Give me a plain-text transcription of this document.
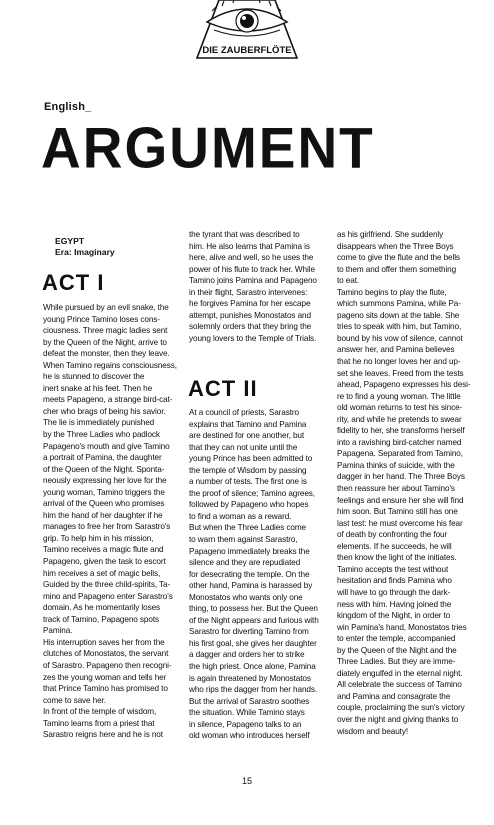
DIE ZAUBERFLÖTE
English_
ARGUMENT
EGYPT
Era: Imaginary
ACT I
While pursued by an evil snake, the
young Prince Tamino loses cons-
ciousness. Three magic ladies sent
by the Queen of the Night, arrive to
defeat the monster, then they leave.
When Tamino regains consciousness,
he is stunned to discover the
inert snake at his feet. Then he
meets Papageno, a strange bird-cat-
cher who brags of being his savior.
The lie is immediately punished
by the Three Ladies who padlock
Papageno's mouth and give Tamino
a portrait of Pamina, the daughter
of the Queen of the Night. Sponta-
neously expressing her love for the
young woman, Tamino triggers the
arrival of the Queen who promises
him the hand of her daughter if he
manages to free her from Sarastro's
grip. To help him in his mission,
Tamino receives a magic flute and
Papageno, given the task to escort
him receives a set of magic bells,
Guided by the three child-spirits, Ta-
mino and Papageno enter Sarastro's
domain. As he momentarily loses
track of Tamino, Papageno spots
Pamina.
His interruption saves her from the
clutches of Monostatos, the servant
of Sarastro. Papageno then recogni-
zes the young woman and tells her
that Prince Tamino has promised to
come to save her.
In front of the temple of wisdom,
Tamino learns from a priest that
Sarastro reigns here and he is not
the tyrant that was described to
him. He also learns that Pamina is
here, alive and well, so he uses the
power of his flute to track her. While
Tamino joins Pamina and Papageno
in their flight, Sarastro intervenes:
he forgives Pamina for her escape
attempt, punishes Monostatos and
solemnly orders that they bring the
young lovers to the Temple of Trials.
ACT II
At a council of priests, Sarastro
explains that Tamino and Pamina
are destined for one another, but
that they can not unite until the
young Prince has been admitted to
the temple of Wisdom by passing
a number of tests. The first one is
the proof of silence; Tamino agrees,
followed by Papageno who hopes
to find a woman as a reward.
But when the Three Ladies come
to warn them against Sarastro,
Papageno immediately breaks the
silence and they are repudiated
for desecrating the temple. On the
other hand, Pamina is harassed by
Monostatos who wants only one
thing, to possess her. But the Queen
of the Night appears and furious with
Sarastro for diverting Tamino from
his first goal, she gives her daughter
a dagger and orders her to strike
the high priest. Once alone, Pamina
is again threatened by Monostatos
who rips the dagger from her hands.
But the arrival of Sarastro soothes
the situation. While Tamino stays
in silence, Papageno talks to an
old woman who introduces herself
as his girlfriend. She suddenly
disappears when the Three Boys
come to give the flute and the bells
to them and offer them something
to eat.
Tamino begins to play the flute,
which summons Pamina, while Pa-
pageno sits down at the table. She
tries to speak with him, but Tamino,
bound by his vow of silence, cannot
answer her, and Pamina believes
that he no longer loves her and up-
set she leaves. Freed from the tests
ahead, Papageno expresses his desi-
re to find a young woman. The little
old woman returns to test his since-
rity, and while he pretends to swear
fidelity to her, she transforms herself
into a ravishing bird-catcher named
Papagena. Separated from Tamino,
Pamina thinks of suicide, with the
dagger in her hand. The Three Boys
then reassure her about Tamino's
feelings and ensure her she will find
him soon. But Tamino still has one
last test: he must overcome his fear
of death by confronting the four
elements. If he succeeds, he will
then know the light of the initiates.
Tamino accepts the test without
hesitation and finds Pamina who
will have to go through the dark-
ness with him. Having joined the
kingdom of the Night, in order to
win Pamina's hand, Monostatos tries
to enter the temple, accompanied
by the Queen of the Night and the
Three Ladies. But they are imme-
diately engulfed in the eternal night.
All celebrate the success of Tamino
and Pamina and consagrate the
couple, proclaiming the sun's victory
over the night and giving thanks to
wisdom and beauty!
15
